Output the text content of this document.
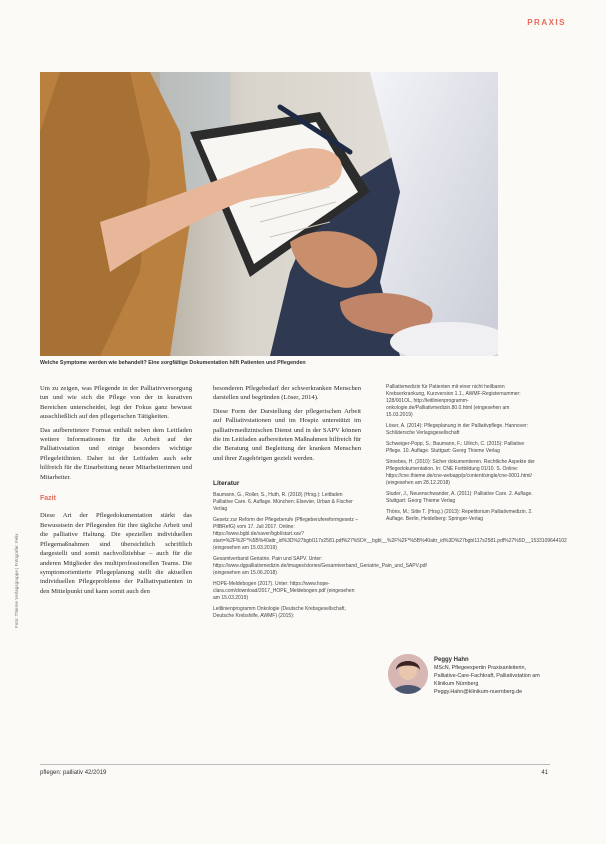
PRAXIS
Welche Symptome werden wie behandelt? Eine sorgfältige Dokumentation hilft Patienten und Pflegenden

Um zu zeigen, was Pflegende in der Palliativversorgung tun und wie sich die Pflege von der in kurativen Bereichen unterscheidet, legt der Fokus ganz bewusst ausschließlich auf den pflegerischen Tätigkeiten.

Das aufbereitetere Format enthält neben dem Leitfaden weitere Informationen für die Arbeit auf der Palliativstation und einige besonders wichtige Pflegeleitlinien. Daher ist der Leitfaden auch sehr hilfreich für die Einarbeitung neuer Mitarbeiterinnen und Mitarbeiter.

Fazit

Diese Art der Pflegedokumentation stärkt das Bewusstsein der Pflegenden für ihre tägliche Arbeit und die palliative Haltung. Die speziellen individuellen Pflegemaßnahmen sind übersichtlich schriftlich dargestellt und somit nachvollziehbar – auch für die anderen Mitglieder des multiprofessionellen Teams. Die symptomorientierte Pflegeplanung stellt die aktuellen individuellen Pflegeprobleme der Palliativpatienten in den Mittelpunkt und kann somit auch den

besonderen Pflegebedarf der schwerkranken Menschen darstellen und begründen (Löser, 2014).

Diese Form der Darstellung der pflegerischen Arbeit auf Palliativstationen und im Hospiz unterstützt im palliativmedizinischen Dienst und in der SAPV können die im Leitfaden aufbereiteten Maßnahmen hilfreich für die Beratung und Begleitung der kranken Menschen und ihrer Zugehörigen gezielt werden.

Literatur

Baumann, G., Roller, S., Huth, R. (2018) (Hrsg.): Leitfaden Palliative Care. 6. Auflage. München: Elsevier, Urban & Fischer Verlag

Gesetz zur Reform der Pflegeberufe (Pflegeberufereformgesetz – PflBRefG) vom 17. Juli 2017. Online: https://www.bgbl.de/xaver/bgbl/start.xav?start=%2F%2F*%5B%40attr_id%3D%27bgbl117s2581.pdf%27%5D#__bgbl__%2F%2F*%5B%40attr_id%3D%27bgbl117s2581.pdf%27%5D__1533109644102 (eingesehen am 15.03.2019)

Gesamtverband Geriatrie. Pain und SAPV. Unter: https://www.dgpalliativmedizin.de/images/stories/Gesamtverband_Geriatrie_Pain_und_SAPV.pdf (eingesehen am 15.06.2018)

HOPE-Meldebogen (2017). Unter: https://www.hope-clara.com/download/2017_HOPE_Meldebogen.pdf (eingesehen am 15.03.2019)

Leitlinienprogramm Onkologie (Deutsche Krebsgesellschaft, Deutsche Krebshilfe, AWMF) (2015):

Palliativmedizin für Patienten mit einer nicht heilbaren Krebserkrankung, Kurzversion 1.1., AWMF-Registernummer: 128/001OL, http://leitlinienprogramm-onkologie.de/Palliativmedizin.80.0.html (eingesehen am 15.03.2019)

Löser, A. (2014): Pflegeplanung in der Palliativpflege. Hannover: Schlütersche Verlagsgesellschaft

Schweiger-Popp, S.; Baumann, F.; Ullrich, C. (2015): Palliative Pflege. 10. Auflage. Stuttgart: Georg Thieme Verlag

Stroebes, H. (2010): Sicher dokumentieren. Rechtliche Aspekte der Pflegedokumentation. In: CNE Fortbildung 01/10. S. Online: https://cne.thieme.de/cne-webapp/p/content/single/cne-0001.html/ (eingesehen am 28.12.2018)

Studer, J., Neuenschwander, A. (2011): Palliative Care. 2. Auflage. Stuttgart: Georg Thieme Verlag

Thöns, M.; Sitte T. (Hrsg.) (2013): Repetitorium Palliativmedizin. 2. Auflage. Berlin, Heidelberg: Springer-Verlag

Peggy Hahn
MScN, Pflegeexpertin Praxisanleiterin, Palliative-Care-Fachkraft, Palliativstation am Klinikum Nürnberg
Peggy.Hahn@klinikum-nuernberg.de
Foto: Thieme Verlagsgruppe | Fotografie: Felix
pflegen: palliativ 42/2019	41
